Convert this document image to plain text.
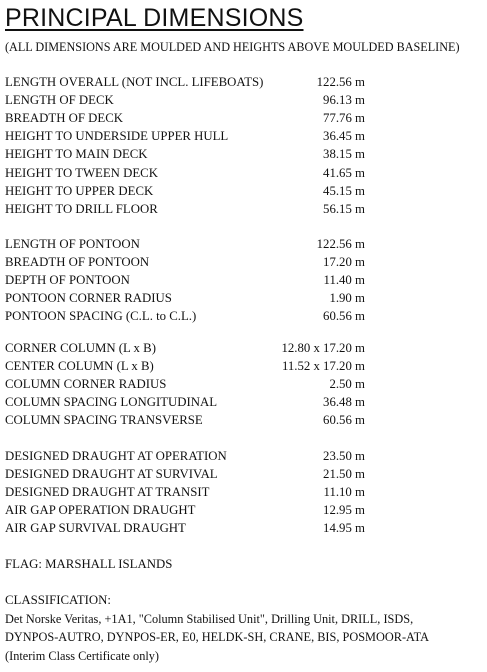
PRINCIPAL DIMENSIONS
(ALL DIMENSIONS ARE MOULDED AND HEIGHTS ABOVE MOULDED BASELINE)
LENGTH OVERALL (NOT INCL. LIFEBOATS)	122.56 m
LENGTH OF DECK	96.13 m
BREADTH OF DECK	77.76 m
HEIGHT TO UNDERSIDE UPPER HULL	36.45 m
HEIGHT TO MAIN DECK	38.15 m
HEIGHT TO TWEEN DECK	41.65 m
HEIGHT TO UPPER DECK	45.15 m
HEIGHT TO DRILL FLOOR	56.15 m
LENGTH OF PONTOON	122.56 m
BREADTH OF PONTOON	17.20 m
DEPTH OF PONTOON	11.40 m
PONTOON CORNER RADIUS	1.90 m
PONTOON SPACING (C.L. to C.L.)	60.56 m
CORNER COLUMN (L x B)	12.80 x 17.20 m
CENTER COLUMN (L x B)	11.52 x 17.20 m
COLUMN CORNER RADIUS	2.50 m
COLUMN SPACING LONGITUDINAL	36.48 m
COLUMN SPACING TRANSVERSE	60.56 m
DESIGNED DRAUGHT AT OPERATION	23.50 m
DESIGNED DRAUGHT AT SURVIVAL	21.50 m
DESIGNED DRAUGHT AT TRANSIT	11.10 m
AIR GAP OPERATION DRAUGHT	12.95 m
AIR GAP SURVIVAL DRAUGHT	14.95 m
FLAG: MARSHALL ISLANDS
CLASSIFICATION:
Det Norske Veritas, +1A1, "Column Stabilised Unit", Drilling Unit, DRILL, ISDS,
DYNPOS-AUTRO, DYNPOS-ER, E0, HELDK-SH, CRANE, BIS, POSMOOR-ATA
(Interim Class Certificate only)
